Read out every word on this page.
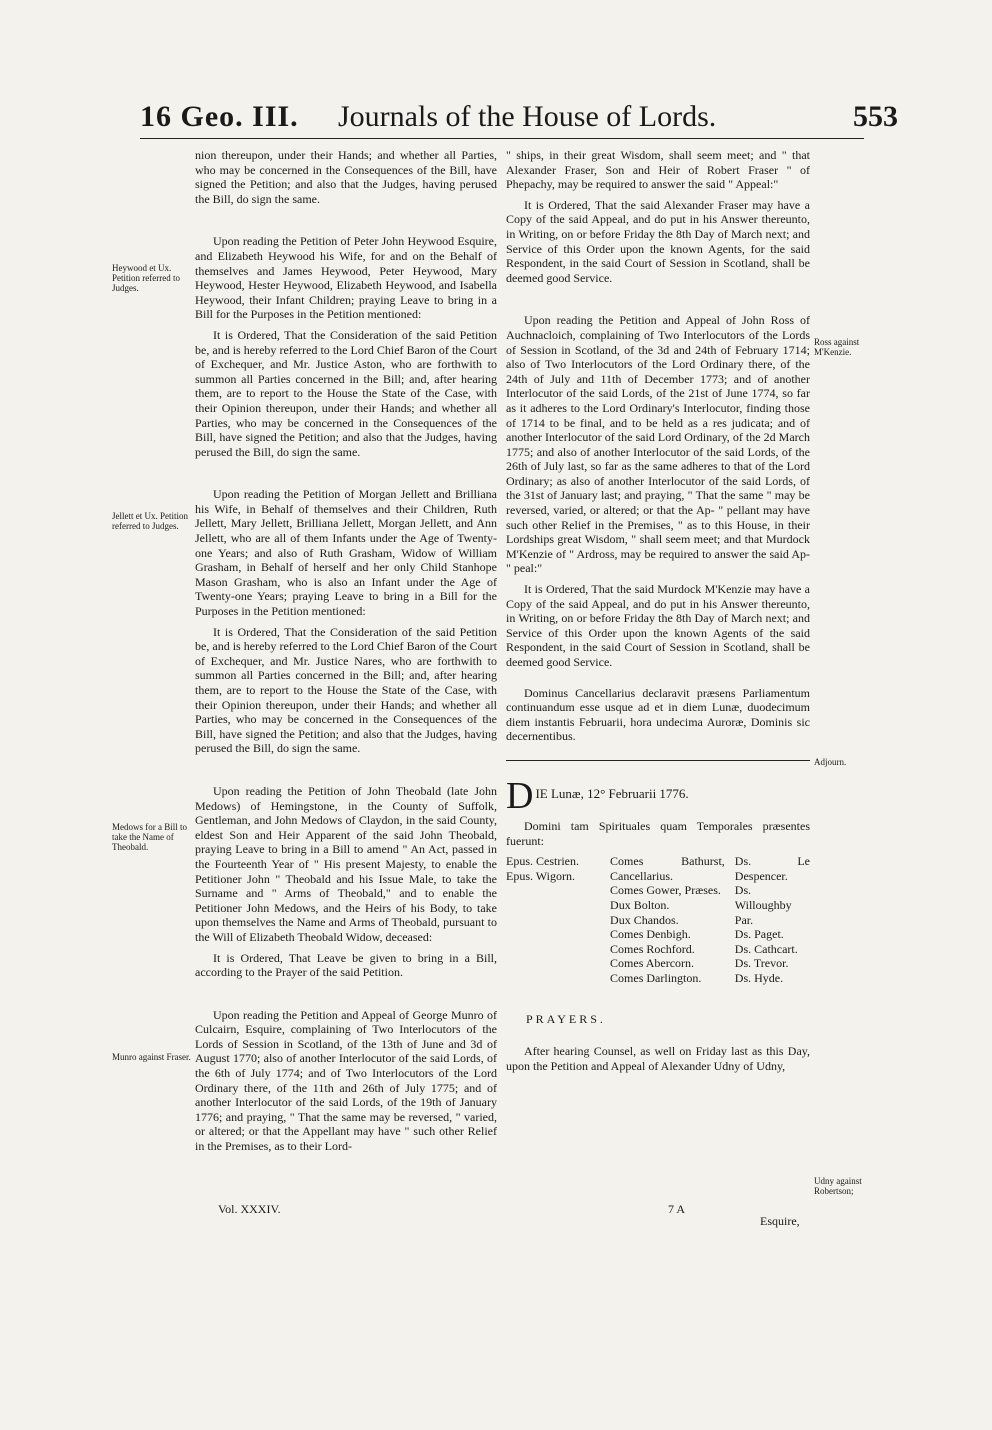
16 Geo. III. Journals of the House of Lords.	553
Heywood et Ux. Petition referred to Judges.
Jellett et Ux. Petition referred to Judges.
Medows for a Bill to take the Name of Theobald.
Munro against Fraser.
Ross against M'Kenzie.
Adjourn.
Udny against Robertson;

nion thereupon, under their Hands; and whether all Parties, who may be concerned in the Consequences of the Bill, have signed the Petition; and also that the Judges, having perused the Bill, do sign the same.

Upon reading the Petition of Peter John Heywood Esquire, and Elizabeth Heywood his Wife, for and on the Behalf of themselves and James Heywood, Peter Heywood, Mary Heywood, Hester Heywood, Elizabeth Heywood, and Isabella Heywood, their Infant Children; praying Leave to bring in a Bill for the Purposes in the Petition mentioned:

It is Ordered, That the Consideration of the said Petition be, and is hereby referred to the Lord Chief Baron of the Court of Exchequer, and Mr. Justice Aston, who are forthwith to summon all Parties concerned in the Bill; and, after hearing them, are to report to the House the State of the Case, with their Opinion thereupon, under their Hands; and whether all Parties, who may be concerned in the Consequences of the Bill, have signed the Petition; and also that the Judges, having perused the Bill, do sign the same.

Upon reading the Petition of Morgan Jellett and Brilliana his Wife, in Behalf of themselves and their Children, Ruth Jellett, Mary Jellett, Brilliana Jellett, Morgan Jellett, and Ann Jellett, who are all of them Infants under the Age of Twenty-one Years; and also of Ruth Grasham, Widow of William Grasham, in Behalf of herself and her only Child Stanhope Mason Grasham, who is also an Infant under the Age of Twenty-one Years; praying Leave to bring in a Bill for the Purposes in the Petition mentioned:

It is Ordered, That the Consideration of the said Petition be, and is hereby referred to the Lord Chief Baron of the Court of Exchequer, and Mr. Justice Nares, who are forthwith to summon all Parties concerned in the Bill; and, after hearing them, are to report to the House the State of the Case, with their Opinion thereupon, under their Hands; and whether all Parties, who may be concerned in the Consequences of the Bill, have signed the Petition; and also that the Judges, having perused the Bill, do sign the same.

Upon reading the Petition of John Theobald (late John Medows) of Hemingstone, in the County of Suffolk, Gentleman, and John Medows of Claydon, in the said County, eldest Son and Heir Apparent of the said John Theobald, praying Leave to bring in a Bill to amend " An Act, passed in the Fourteenth Year of " His present Majesty, to enable the Petitioner John " Theobald and his Issue Male, to take the Surname and " Arms of Theobald," and to enable the Petitioner John Medows, and the Heirs of his Body, to take upon themselves the Name and Arms of Theobald, pursuant to the Will of Elizabeth Theobald Widow, deceased:

It is Ordered, That Leave be given to bring in a Bill, according to the Prayer of the said Petition.

Upon reading the Petition and Appeal of George Munro of Culcairn, Esquire, complaining of Two Interlocutors of the Lords of Session in Scotland, of the 13th of June and 3d of August 1770; also of another Interlocutor of the said Lords, of the 6th of July 1774; and of Two Interlocutors of the Lord Ordinary there, of the 11th and 26th of July 1775; and of another Interlocutor of the said Lords, of the 19th of January 1776; and praying, " That the same may be reversed, " varied, or altered; or that the Appellant may have " such other Relief in the Premises, as to their Lord-

" ships, in their great Wisdom, shall seem meet; and " that Alexander Fraser, Son and Heir of Robert Fraser " of Phepachy, may be required to answer the said " Appeal:"

It is Ordered, That the said Alexander Fraser may have a Copy of the said Appeal, and do put in his Answer thereunto, in Writing, on or before Friday the 8th Day of March next; and Service of this Order upon the known Agents, for the said Respondent, in the said Court of Session in Scotland, shall be deemed good Service.

Upon reading the Petition and Appeal of John Ross of Auchnacloich, complaining of Two Interlocutors of the Lords of Session in Scotland, of the 3d and 24th of February 1714; also of Two Interlocutors of the Lord Ordinary there, of the 24th of July and 11th of December 1773; and of another Interlocutor of the said Lords, of the 21st of June 1774, so far as it adheres to the Lord Ordinary's Interlocutor, finding those of 1714 to be final, and to be held as a res judicata; and of another Interlocutor of the said Lord Ordinary, of the 2d March 1775; and also of another Interlocutor of the said Lords, of the 26th of July last, so far as the same adheres to that of the Lord Ordinary; as also of another Interlocutor of the said Lords, of the 31st of January last; and praying, " That the same " may be reversed, varied, or altered; or that the Ap- " pellant may have such other Relief in the Premises, " as to this House, in their Lordships great Wisdom, " shall seem meet; and that Murdock M'Kenzie of " Ardross, may be required to answer the said Ap- " peal:"

It is Ordered, That the said Murdock M'Kenzie may have a Copy of the said Appeal, and do put in his Answer thereunto, in Writing, on or before Friday the 8th Day of March next; and Service of this Order upon the known Agents of the said Respondent, in the said Court of Session in Scotland, shall be deemed good Service.

Dominus Cancellarius declaravit præsens Parliamentum continuandum esse usque ad et in diem Lunæ, duodecimum diem instantis Februarii, hora undecima Auroræ, Dominis sic decernentibus.

D IE Lunæ, 12° Februarii 1776.

Domini tam Spirituales quam Temporales præsentes fuerunt:

Epus. Cestrien.
Epus. Wigorn.
Comes Bathurst, Cancellarius.
Comes Gower, Præses.
Dux Bolton.
Dux Chandos.
Comes Denbigh.
Comes Rochford.
Comes Abercorn.
Comes Darlington.
Ds. Le Despencer.
Ds. Willoughby Par.
Ds. Paget.
Ds. Cathcart.
Ds. Trevor.
Ds. Hyde.
PRAYERS.

After hearing Counsel, as well on Friday last as this Day, upon the Petition and Appeal of Alexander Udny of Udny,

Vol. XXXIV.	7 A
Esquire,
